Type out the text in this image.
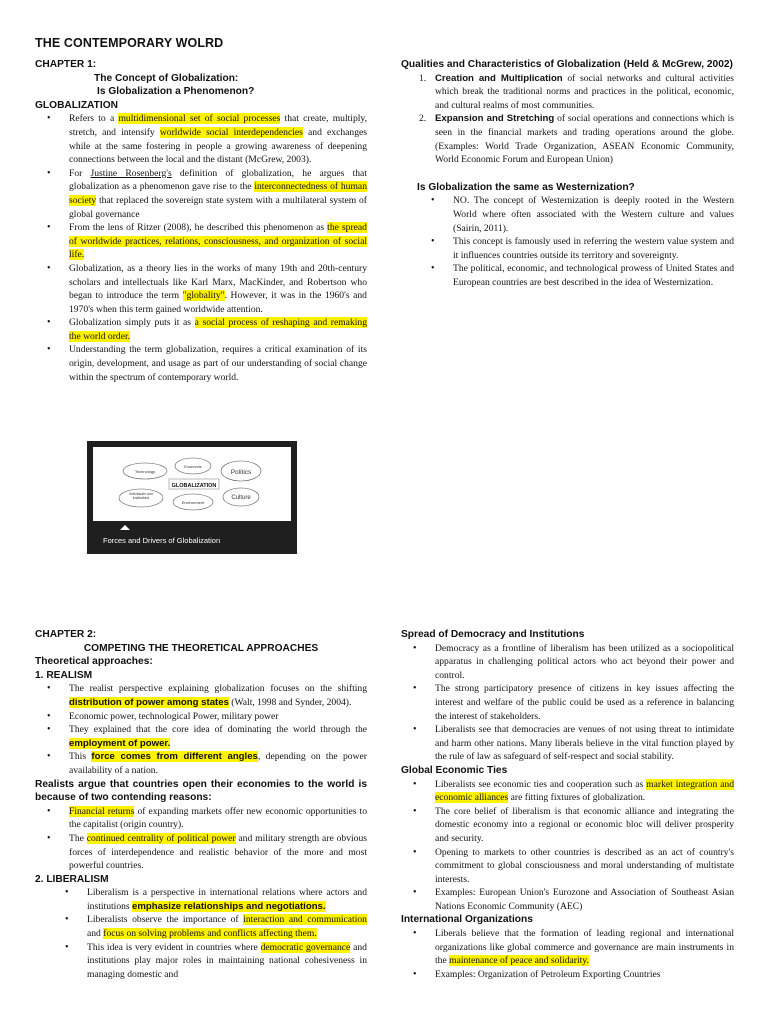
THE CONTEMPORARY WOLRD
CHAPTER 1:
The Concept of Globalization:
Is Globalization a Phenomenon?
GLOBALIZATION
• Refers to a multidimensional set of social processes that create, multiply, stretch, and intensify worldwide social interdependencies and exchanges while at the same fostering in people a growing awareness of deepening connections between the local and the distant (McGrew, 2003).
• For Justine Rosenberg's definition of globalization, he argues that globalization as a phenomenon gave rise to the interconnectedness of human society that replaced the sovereign state system with a multilateral system of global governance
• From the lens of Ritzer (2008), he described this phenomenon as the spread of worldwide practices, relations, consciousness, and organization of social life.
• Globalization, as a theory lies in the works of many 19th and 20th-century scholars and intellectuals like Karl Marx, MacKinder, and Robertson who began to introduce the term "globality". However, it was in the 1960's and 1970's when this term gained worldwide attention.
• Globalization simply puts it as a social process of reshaping and remaking the world order.
• Understanding the term globalization, requires a critical examination of its origin, development, and usage as part of our understanding of social change within the spectrum of contemporary world.
GLOBALIZATION
Technology
Economic
Politics
Individuals and institutions
Environment
Culture
Forces and Drivers of Globalization
Qualities and Characteristics of Globalization (Held & McGrew, 2002)
1. Creation and Multiplication of social networks and cultural activities which break the traditional norms and practices in the political, economic, and cultural realms of most communities.
2. Expansion and Stretching of social operations and connections which is seen in the financial markets and trading operations around the globe. (Examples: World Trade Organization, ASEAN Economic Community, World Economic Forum and European Union)
Is Globalization the same as Westernization?
• NO. The concept of Westernization is deeply rooted in the Western World where often associated with the Western culture and values (Sairin, 2011).
• This concept is famously used in referring the western value system and it influences countries outside its territory and sovereignty.
• The political, economic, and technological prowess of United States and European countries are best described in the idea of Westernization.
CHAPTER 2:
COMPETING THE THEORETICAL APPROACHES
Theoretical approaches:
1. REALISM
• The realist perspective explaining globalization focuses on the shifting distribution of power among states (Walt, 1998 and Synder, 2004).
• Economic power, technological Power, military power
• They explained that the core idea of dominating the world through the employment of power.
• This force comes from different angles, depending on the power availability of a nation.
Realists argue that countries open their economies to the world is because of two contending reasons:
• Financial returns of expanding markets offer new economic opportunities to the capitalist (origin country).
• The continued centrality of political power and military strength are obvious forces of interdependence and realistic behavior of the more and most powerful countries.
2. LIBERALISM
• Liberalism is a perspective in international relations where actors and institutions emphasize relationships and negotiations.
• Liberalists observe the importance of interaction and communication and focus on solving problems and conflicts affecting them.
• This idea is very evident in countries where democratic governance and institutions play major roles in maintaining national cohesiveness in managing domestic and
Spread of Democracy and Institutions
• Democracy as a frontline of liberalism has been utilized as a sociopolitical apparatus in challenging political actors who act beyond their power and control.
• The strong participatory presence of citizens in key issues affecting the interest and welfare of the public could be used as a reference in balancing the interest of stakeholders.
• Liberalists see that democracies are venues of not using threat to intimidate and harm other nations. Many liberals believe in the vital function played by the rule of law as safeguard of self-respect and social stability.
Global Economic Ties
• Liberalists see economic ties and cooperation such as market integration and economic alliances are fitting fixtures of globalization.
• The core belief of liberalism is that economic alliance and integrating the domestic economy into a regional or economic bloc will deliver prosperity and security.
• Opening to markets to other countries is described as an act of country's commitment to global consciousness and moral understanding of multistate interests.
• Examples: European Union's Eurozone and Association of Southeast Asian Nations Economic Community (AEC)
International Organizations
• Liberals believe that the formation of leading regional and international organizations like global commerce and governance are main instruments in the maintenance of peace and solidarity.
• Examples: Organization of Petroleum Exporting Countries
